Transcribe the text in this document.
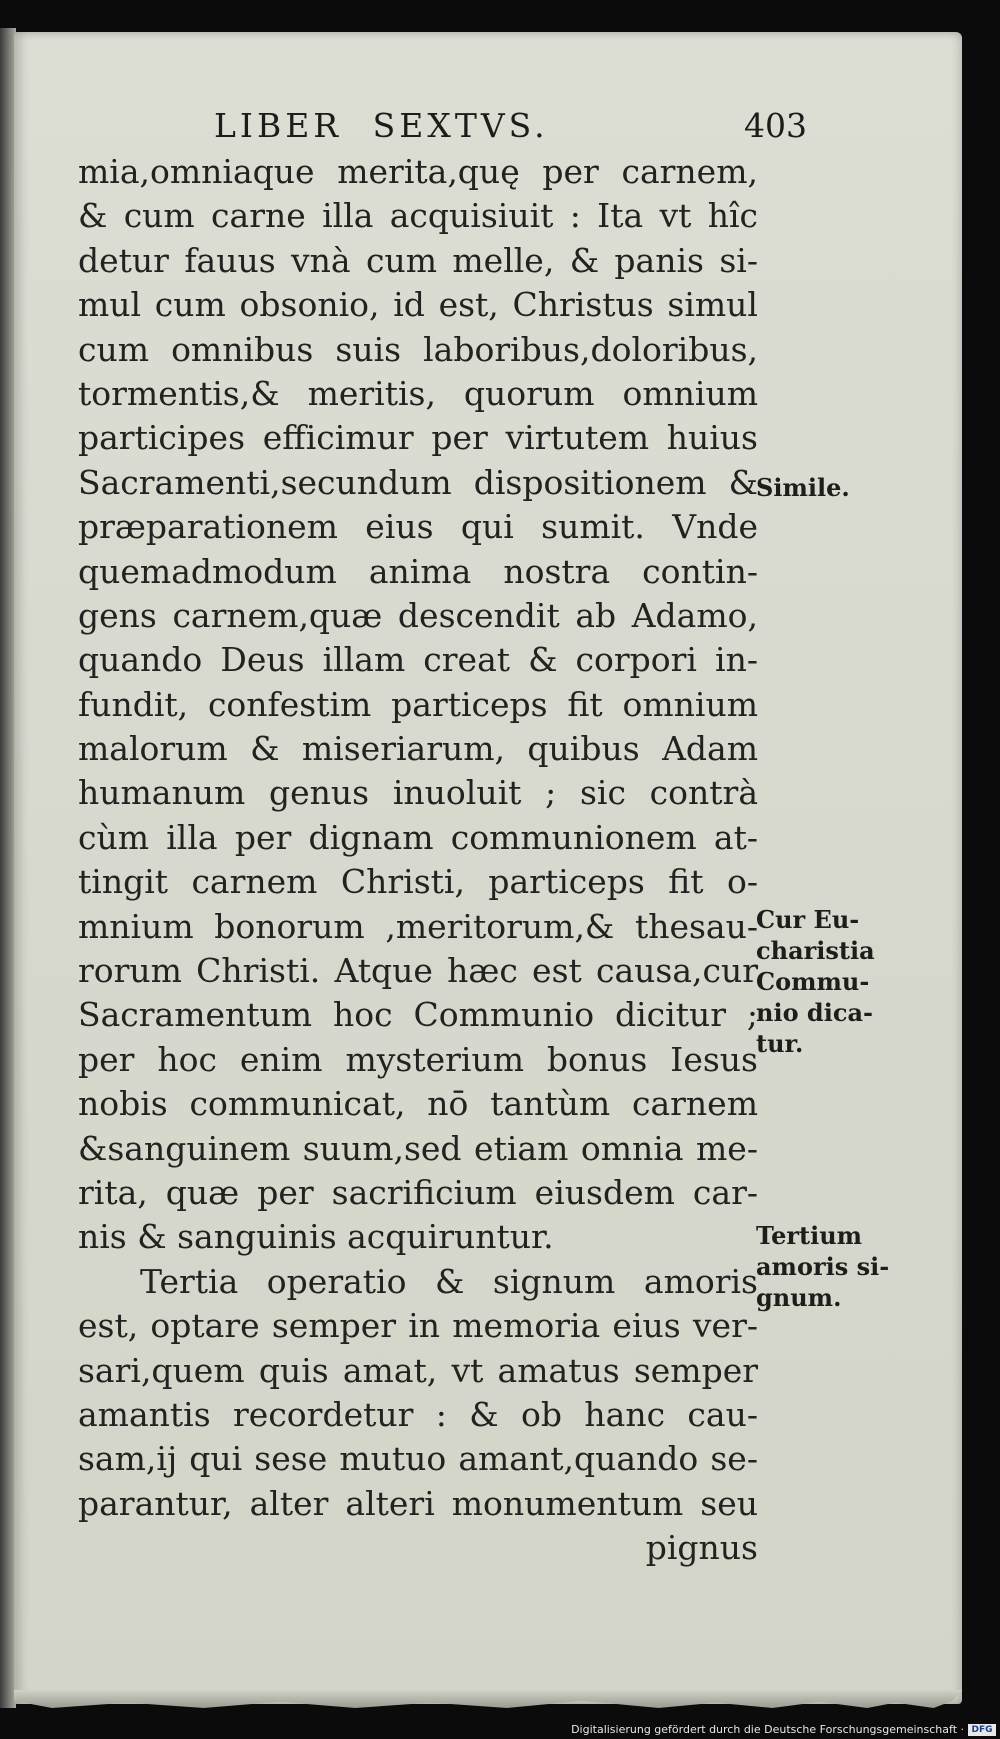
LIBER SEXTVS.	403
mia,omniaque merita,quę per carnem,
& cum carne illa acquisiuit : Ita vt hîc
detur fauus vnà cum melle, & panis si-
mul cum obsonio, id est, Christus simul
cum omnibus suis laboribus,doloribus,
tormentis,& meritis, quorum omnium
participes efficimur per virtutem huius
Sacramenti,secundum dispositionem &
præparationem eius qui sumit. Vnde
quemadmodum anima nostra contin-
gens carnem,quæ descendit ab Adamo,
quando Deus illam creat & corpori in-
fundit, confestim particeps fit omnium
malorum & miseriarum, quibus Adam
humanum genus inuoluit ; sic contrà
cùm illa per dignam communionem at-
tingit carnem Christi, particeps fit o-
mnium bonorum ,meritorum,& thesau-
rorum Christi. Atque hæc est causa,cur
Sacramentum hoc Communio dicitur ;
per hoc enim mysterium bonus Iesus
nobis communicat, nō tantùm carnem
&sanguinem suum,sed etiam omnia me-
rita, quæ per sacrificium eiusdem car-
nis & sanguinis acquiruntur.
Tertia operatio & signum amoris
est, optare semper in memoria eius ver-
sari,quem quis amat, vt amatus semper
amantis recordetur : & ob hanc cau-
sam,ij qui sese mutuo amant,quando se-
parantur, alter alteri monumentum seu
pignus
Simile.
Cur Eu-
charistia
Commu-
nio dica-
tur.
Tertium
amoris si-
gnum.
Digitalisierung gefördert durch die Deutsche Forschungsgemeinschaft · DFG
